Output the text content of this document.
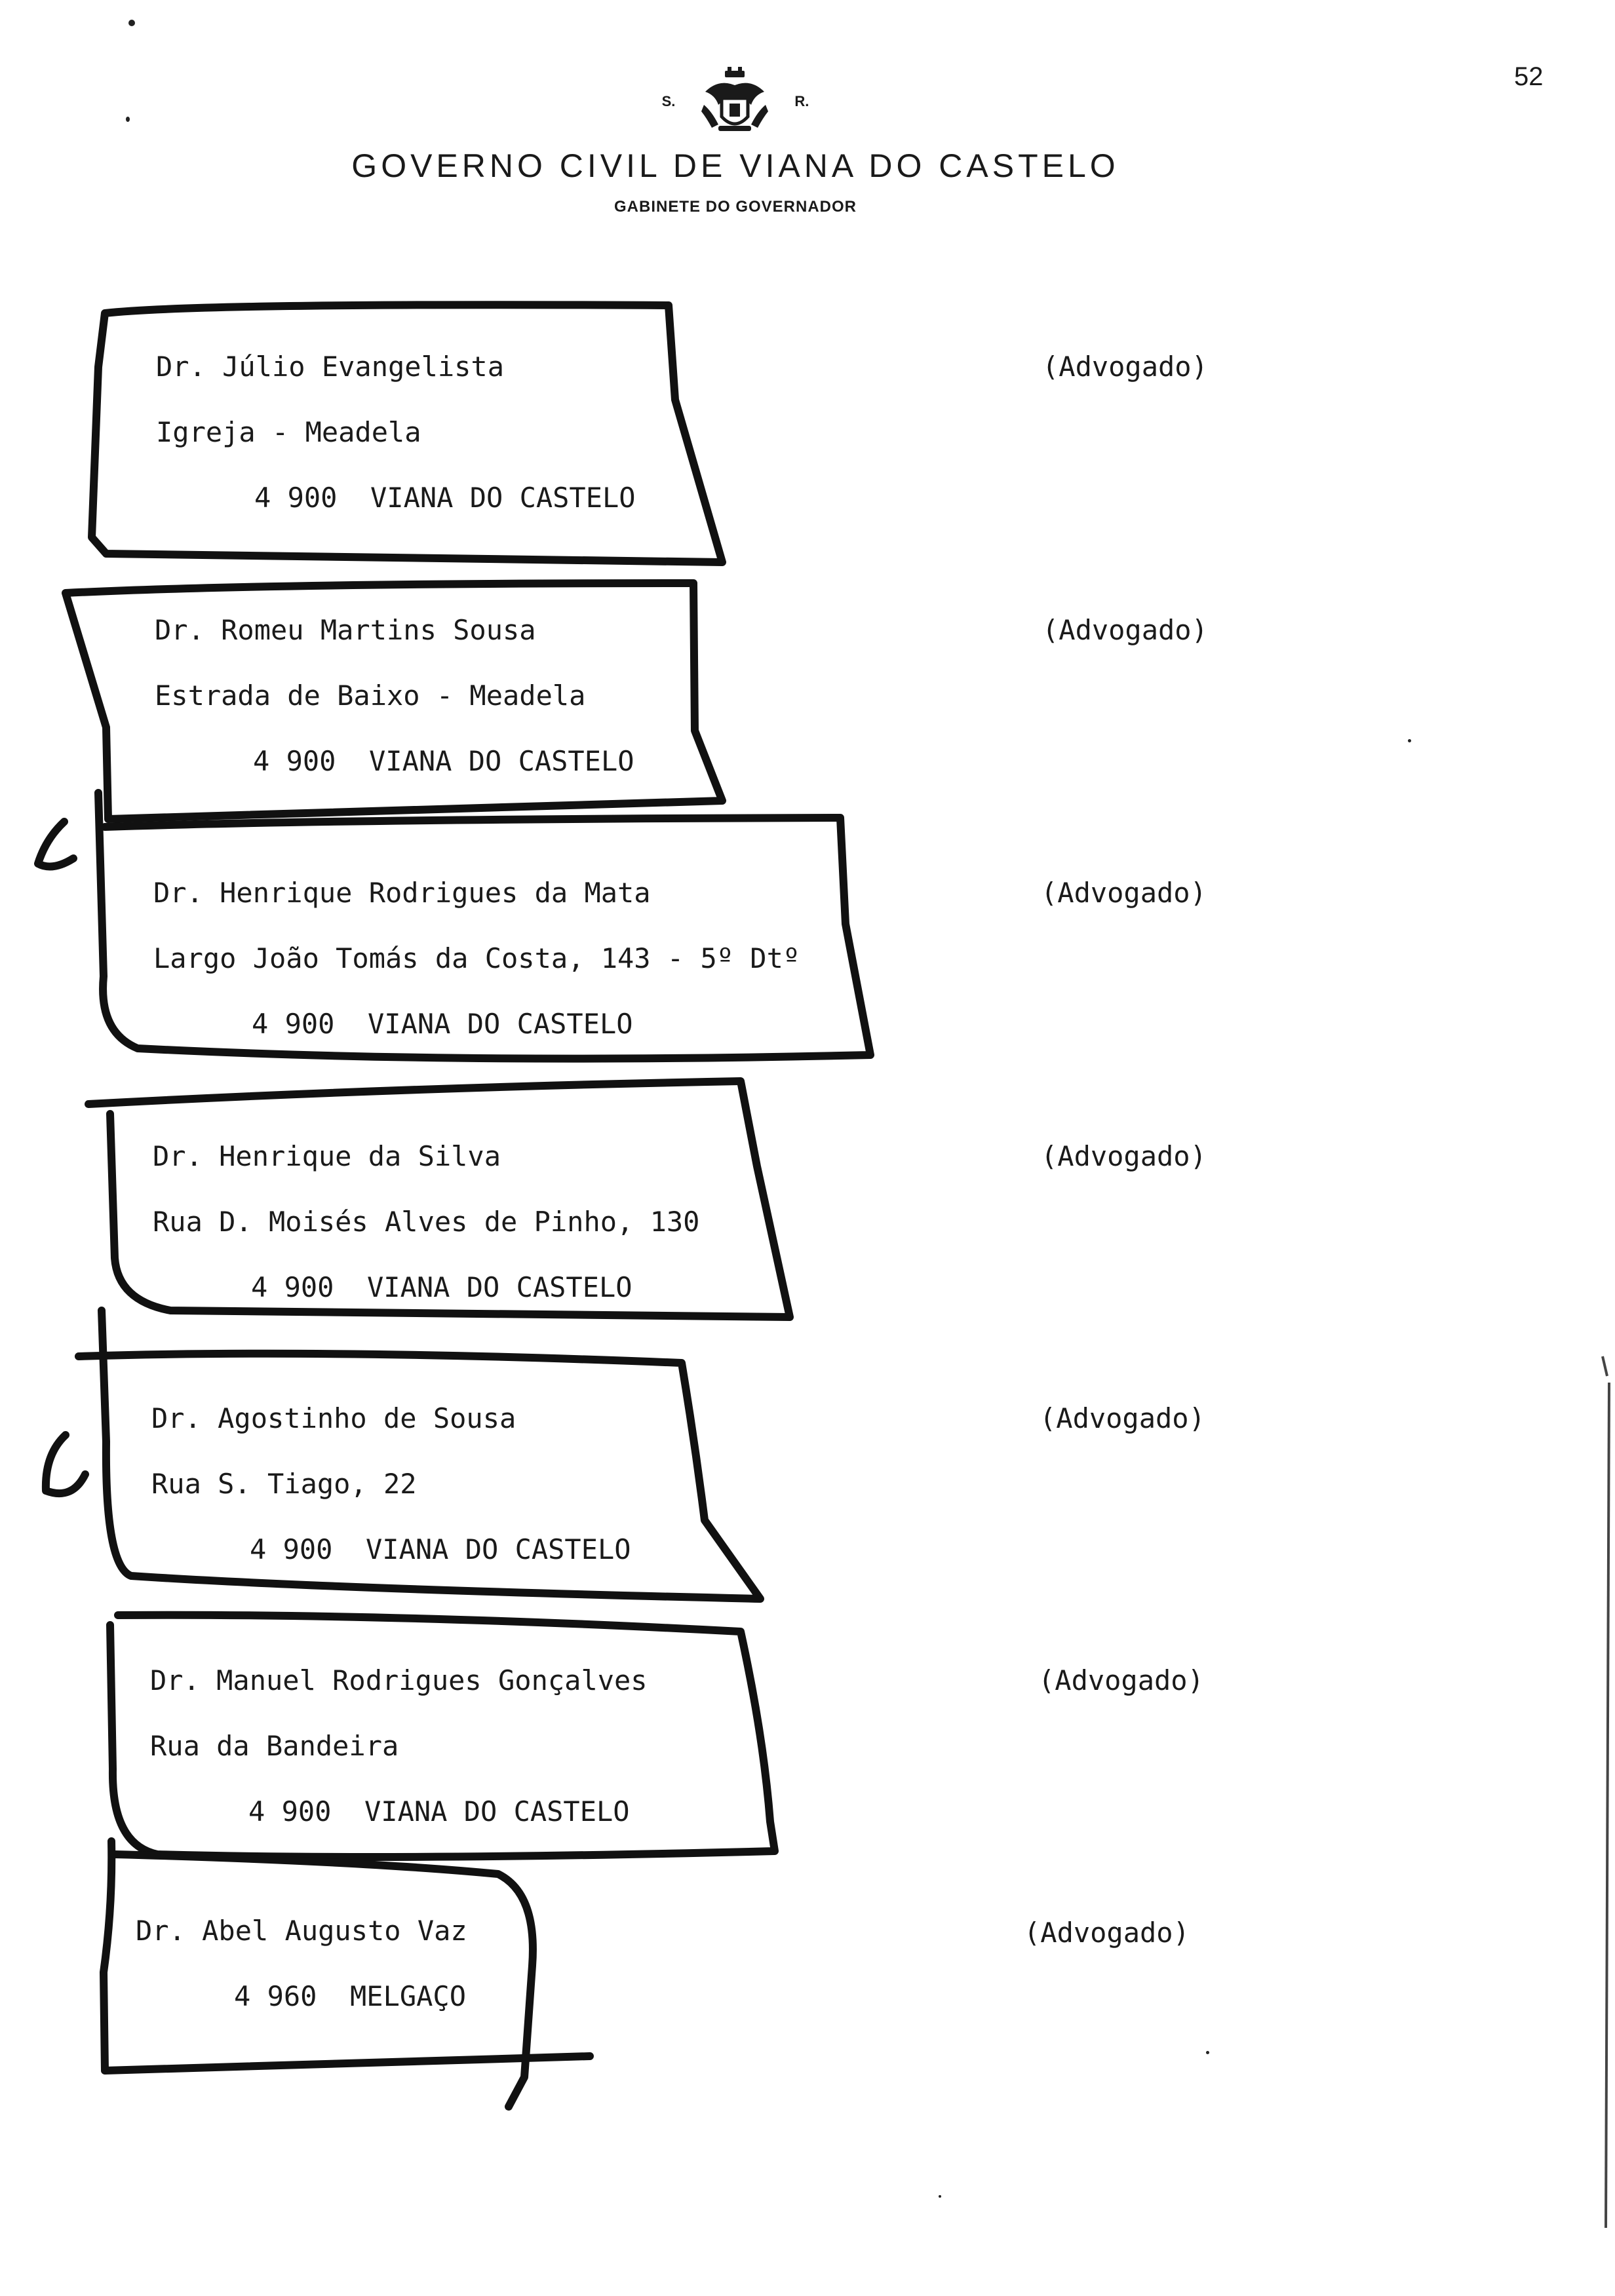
52
S.	R.
GOVERNO CIVIL DE VIANA DO CASTELO
GABINETE DO GOVERNADOR
Dr. Júlio Evangelista
Igreja - Meadela
4 900  VIANA DO CASTELO
(Advogado)
Dr. Romeu Martins Sousa
Estrada de Baixo - Meadela
4 900  VIANA DO CASTELO
(Advogado)
Dr. Henrique Rodrigues da Mata
Largo João Tomás da Costa, 143 - 5º Dtº
4 900  VIANA DO CASTELO
(Advogado)
Dr. Henrique da Silva
Rua D. Moisés Alves de Pinho, 130
4 900  VIANA DO CASTELO
(Advogado)
Dr. Agostinho de Sousa
Rua S. Tiago, 22
4 900  VIANA DO CASTELO
(Advogado)
Dr. Manuel Rodrigues Gonçalves
Rua da Bandeira
4 900  VIANA DO CASTELO
(Advogado)
Dr. Abel Augusto Vaz
4 960  MELGAÇO
(Advogado)
